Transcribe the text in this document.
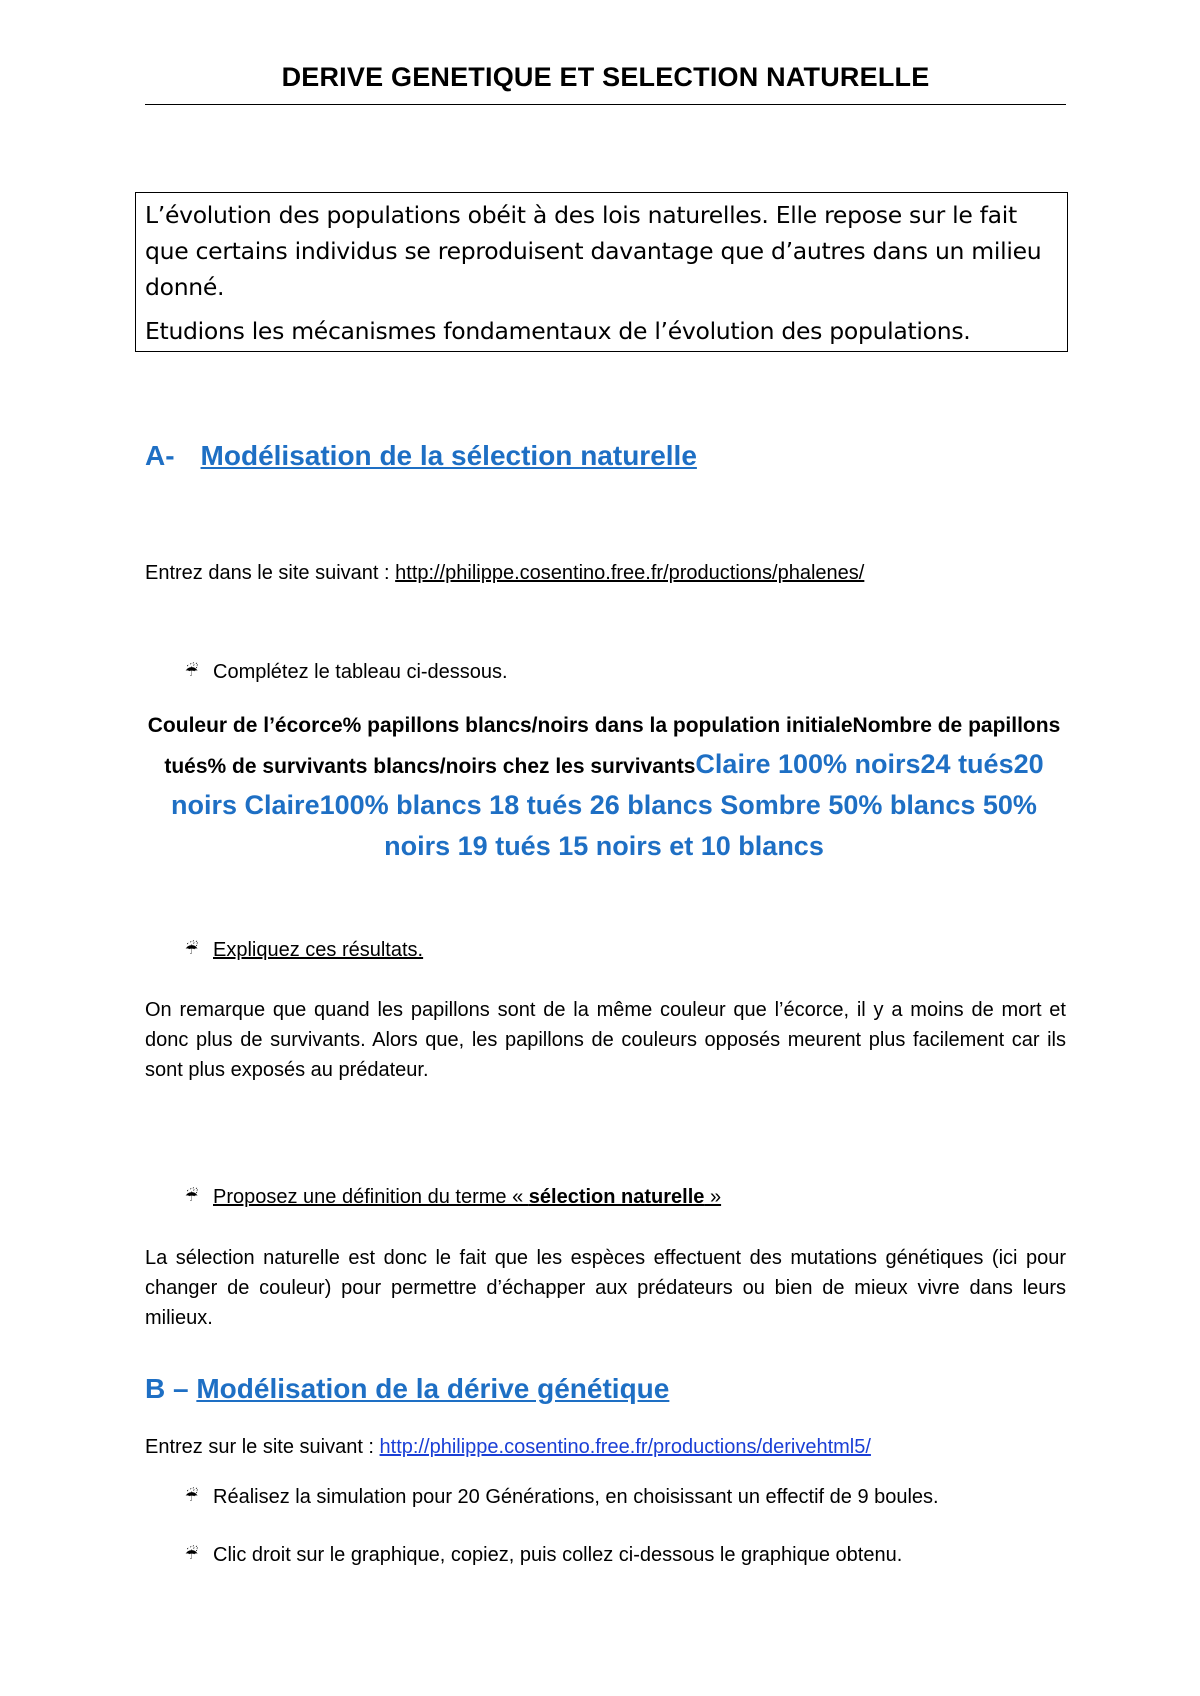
DERIVE GENETIQUE ET SELECTION NATURELLE

L’évolution des populations obéit à des lois naturelles. Elle repose sur le fait que certains individus se reproduisent davantage que d’autres dans un milieu donné.

Etudions les mécanismes fondamentaux de l’évolution des populations.

A- Modélisation de la sélection naturelle
Entrez dans le site suivant : http://philippe.cosentino.free.fr/productions/phalenes/
☔ Complétez le tableau ci-dessous.
Couleur de l’écorce% papillons blancs/noirs dans la population initialeNombre de papillons tués% de survivants blancs/noirs chez les survivantsClaire 100% noirs24 tués20 noirs Claire100% blancs 18 tués 26 blancs Sombre 50% blancs 50% noirs 19 tués 15 noirs et 10 blancs
☔ Expliquez ces résultats.
On remarque que quand les papillons sont de la même couleur que l’écorce, il y a moins de mort et donc plus de survivants. Alors que, les papillons de couleurs opposés meurent plus facilement car ils sont plus exposés au prédateur.
☔ Proposez une définition du terme « sélection naturelle »
La sélection naturelle est donc le fait que les espèces effectuent des mutations génétiques (ici pour changer de couleur) pour permettre d’échapper aux prédateurs ou bien de mieux vivre dans leurs milieux.
B – Modélisation de la dérive génétique
Entrez sur le site suivant : http://philippe.cosentino.free.fr/productions/derivehtml5/
☔ Réalisez la simulation pour 20 Générations, en choisissant un effectif de 9 boules.
☔ Clic droit sur le graphique, copiez, puis collez ci-dessous le graphique obtenu.
